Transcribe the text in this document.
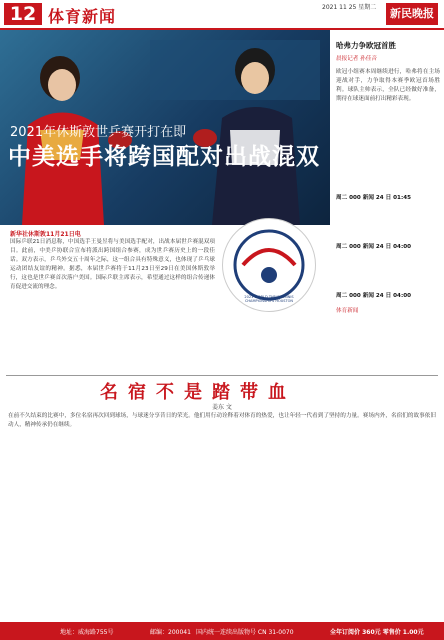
12 体育新闻	2021 11 25 星期二	新民晚报
2021年休斯敦世乒赛开打在即
中美选手将跨国配对出战混双
新华社休斯敦11月21日电
国际乒联21日消息称，中国选手王曼昱将与美国选手配对，出战本届世乒赛混双项目。此前，中美乒协联合宣布将派出跨国组合参赛，成为世乒赛历史上的一段佳话。双方表示，乒乓外交五十周年之际，这一组合具有特殊意义，也体现了乒乓球运动团结友谊的精神。据悉，本届世乒赛将于11月23日至29日在美国休斯敦举行，这也是世乒赛首次落户美国。国际乒联主席表示，希望通过这样的组合传递体育促进交流的理念。
2021 WORLD TABLE TENNIS CHAMPIONSHIPS HOUSTON
哈弗力争欧冠首胜
晨报记者 孙佳音
欧冠小组赛本周继续进行，哈弗将在主场迎战对手，力争取得本赛季欧冠首场胜利。球队主帅表示，全队已经做好准备，期待在球迷面前打出精彩表现。
周二 000 新闻 24 日 01:45
周二 000 新闻 24 日 04:00
周二 000 新闻 24 日 04:00
体育新闻
名宿不是踏带血
姜东 文
在前不久结束的比赛中，多位名宿再次回到球场，与球迷分享昔日的荣光。他们用行动诠释着对体育的热爱，也让年轻一代看到了坚持的力量。赛场内外，名宿们的故事依旧动人，精神传承仍在继续。
地址：威海路755号	邮编：200041 国内统一连续出版物号 CN 31-0070	全年订阅价 360元 零售价 1.00元
